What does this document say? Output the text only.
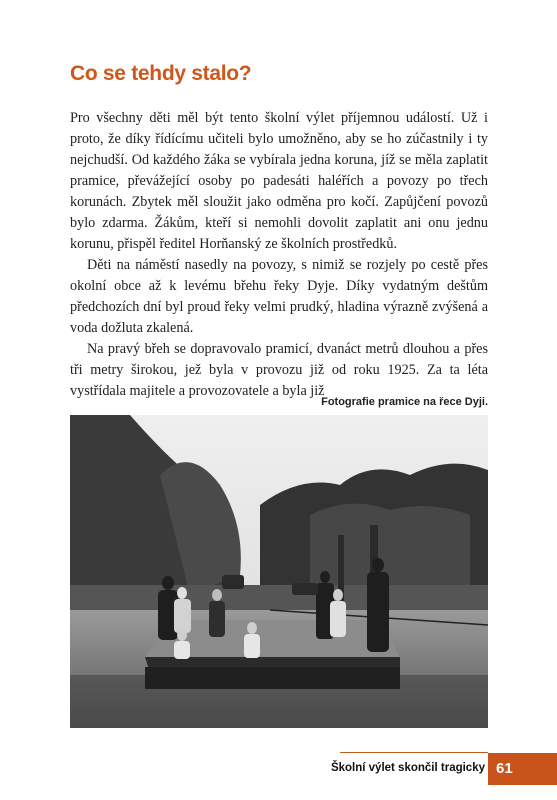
Co se tehdy stalo?

Pro všechny děti měl být tento školní výlet příjemnou událostí. Už i proto, že díky řídícímu učiteli bylo umožněno, aby se ho zúčastnily i ty nejchudší. Od každého žáka se vybírala jedna koruna, jíž se měla zaplatit pramice, převážející osoby po padesáti haléřích a povozy po třech korunách. Zbytek měl sloužit jako odměna pro kočí. Zapůjčení povozů bylo zdarma. Žákům, kteří si nemohli dovolit zaplatit ani onu jednu korunu, přispěl ředitel Horňanský ze školních prostředků.

Děti na náměstí nasedly na povozy, s nimiž se rozjely po cestě přes okolní obce až k levému břehu řeky Dyje. Díky vydatným deštům předchozích dní byl proud řeky velmi prudký, hladina výrazně zvýšená a voda dožluta zkalená.

Na pravý břeh se dopravovalo pramicí, dvanáct metrů dlouhou a přes tři metry širokou, jež byla v provozu již od roku 1925. Za ta léta vystřídala majitele a provozovatele a byla již

Fotografie pramice na řece Dyji.

Školní výlet skončil tragicky 61
